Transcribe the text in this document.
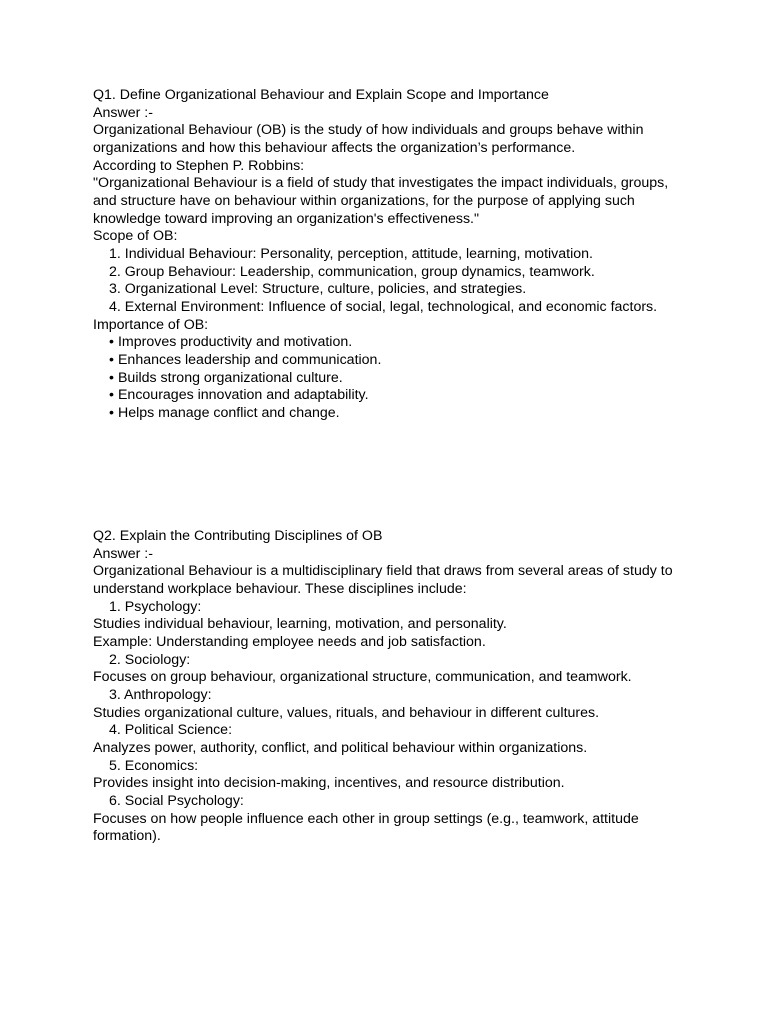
Q1. Define Organizational Behaviour and Explain Scope and Importance
Answer :-
Organizational Behaviour (OB) is the study of how individuals and groups behave within organizations and how this behaviour affects the organization’s performance.
According to Stephen P. Robbins:
"Organizational Behaviour is a field of study that investigates the impact individuals, groups, and structure have on behaviour within organizations, for the purpose of applying such knowledge toward improving an organization's effectiveness."
Scope of OB:
1. Individual Behaviour: Personality, perception, attitude, learning, motivation.
2. Group Behaviour: Leadership, communication, group dynamics, teamwork.
3. Organizational Level: Structure, culture, policies, and strategies.
4. External Environment: Influence of social, legal, technological, and economic factors.
Importance of OB:
• Improves productivity and motivation.
• Enhances leadership and communication.
• Builds strong organizational culture.
• Encourages innovation and adaptability.
• Helps manage conflict and change.
Q2. Explain the Contributing Disciplines of OB
Answer :-
Organizational Behaviour is a multidisciplinary field that draws from several areas of study to understand workplace behaviour. These disciplines include:
1. Psychology:
Studies individual behaviour, learning, motivation, and personality.
Example: Understanding employee needs and job satisfaction.
2. Sociology:
Focuses on group behaviour, organizational structure, communication, and teamwork.
3. Anthropology:
Studies organizational culture, values, rituals, and behaviour in different cultures.
4. Political Science:
Analyzes power, authority, conflict, and political behaviour within organizations.
5. Economics:
Provides insight into decision-making, incentives, and resource distribution.
6. Social Psychology:
Focuses on how people influence each other in group settings (e.g., teamwork, attitude formation).
